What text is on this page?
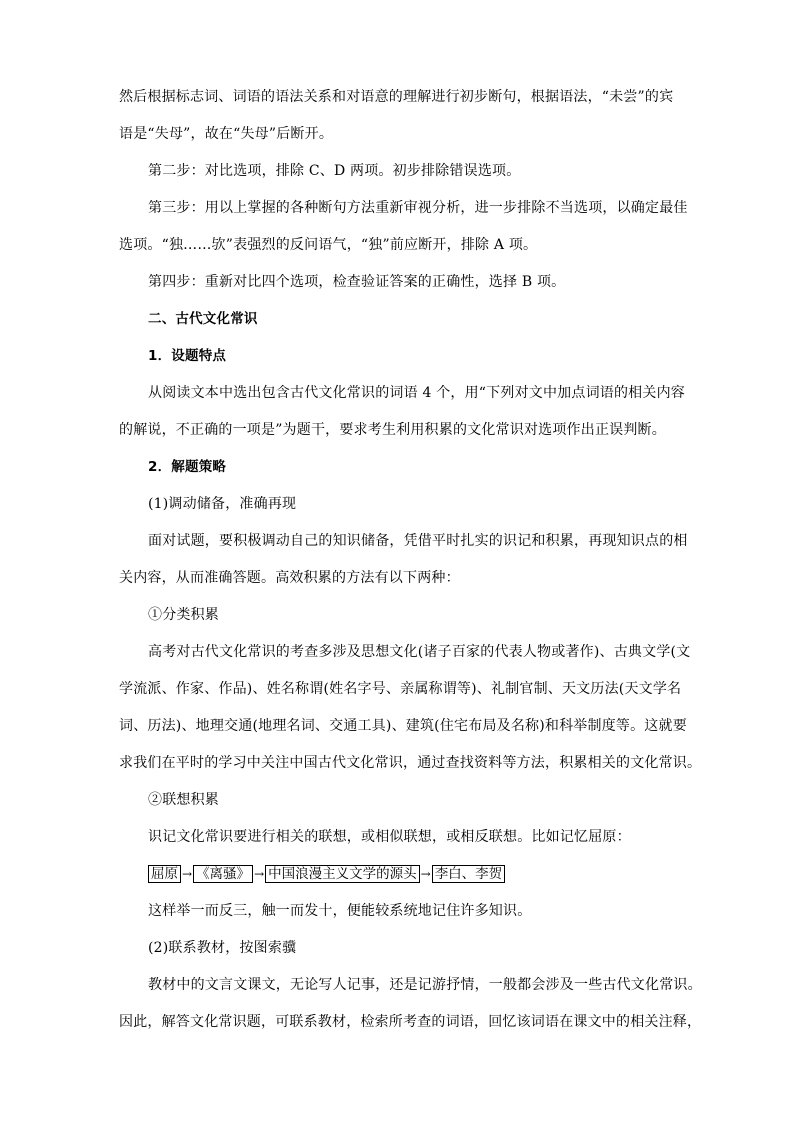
然后根据标志词、词语的语法关系和对语意的理解进行初步断句，根据语法，“未尝”的宾
语是“失母”，故在“失母”后断开。
第二步：对比选项，排除 C、D 两项。初步排除错误选项。
第三步：用以上掌握的各种断句方法重新审视分析，进一步排除不当选项，以确定最佳
选项。“独……欤”表强烈的反问语气，“独”前应断开，排除 A 项。
第四步：重新对比四个选项，检查验证答案的正确性，选择 B 项。
二、古代文化常识
1．设题特点
从阅读文本中选出包含古代文化常识的词语 4 个，用“下列对文中加点词语的相关内容
的解说，不正确的一项是”为题干，要求考生利用积累的文化常识对选项作出正误判断。
2．解题策略
(1)调动储备，准确再现
面对试题，要积极调动自己的知识储备，凭借平时扎实的识记和积累，再现知识点的相
关内容，从而准确答题。高效积累的方法有以下两种：
①分类积累
高考对古代文化常识的考查多涉及思想文化(诸子百家的代表人物或著作)、古典文学(文
学流派、作家、作品)、姓名称谓(姓名字号、亲属称谓等)、礼制官制、天文历法(天文学名
词、历法)、地理交通(地理名词、交通工具)、建筑(住宅布局及名称)和科举制度等。这就要
求我们在平时的学习中关注中国古代文化常识，通过查找资料等方法，积累相关的文化常识。
②联想积累
识记文化常识要进行相关的联想，或相似联想，或相反联想。比如记忆屈原：
屈原 → 《离骚》 → 中国浪漫主义文学的源头 → 李白、李贺
这样举一而反三，触一而发十，便能较系统地记住许多知识。
(2)联系教材，按图索骥
教材中的文言文课文，无论写人记事，还是记游抒情，一般都会涉及一些古代文化常识。
因此，解答文化常识题，可联系教材，检索所考查的词语，回忆该词语在课文中的相关注释，
